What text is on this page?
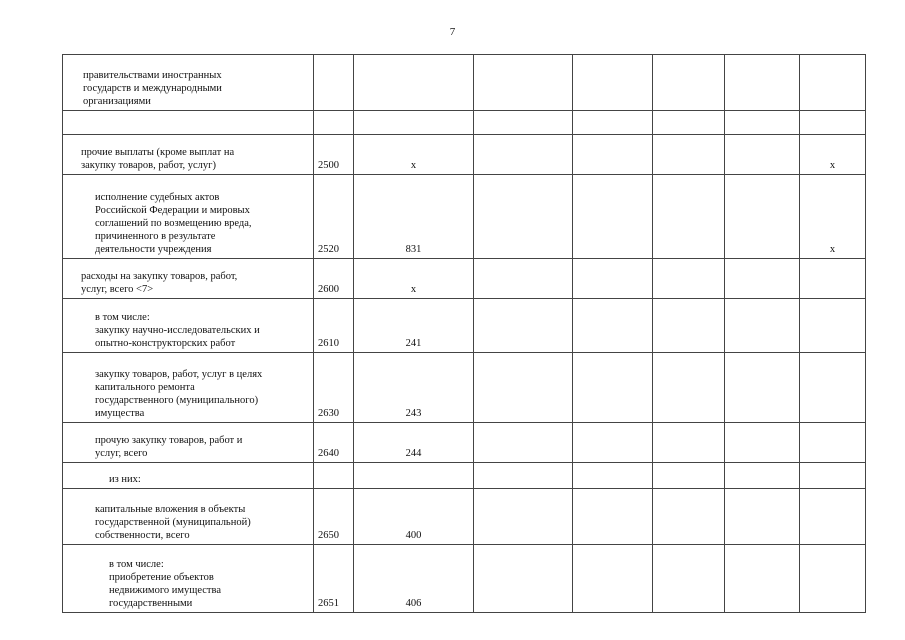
7
правительствами иностранных
государств и международными
организациями							

прочие выплаты (кроме выплат на
закупку товаров, работ, услуг)	2500	x					x
исполнение судебных актов
Российской Федерации и мировых
соглашений по возмещению вреда,
причиненного в результате
деятельности учреждения	2520	831					x
расходы на закупку товаров, работ,
услуг, всего <7>	2600	x					
в том числе:
закупку научно-исследовательских и
опытно-конструкторских работ	2610	241					
закупку товаров, работ, услуг в целях
капитального ремонта
государственного (муниципального)
имущества	2630	243					
прочую закупку товаров, работ и
услуг, всего	2640	244					
из них:							
капитальные вложения в объекты
государственной (муниципальной)
собственности, всего	2650	400					
в том числе:
приобретение объектов
недвижимого имущества
государственными	2651	406					
